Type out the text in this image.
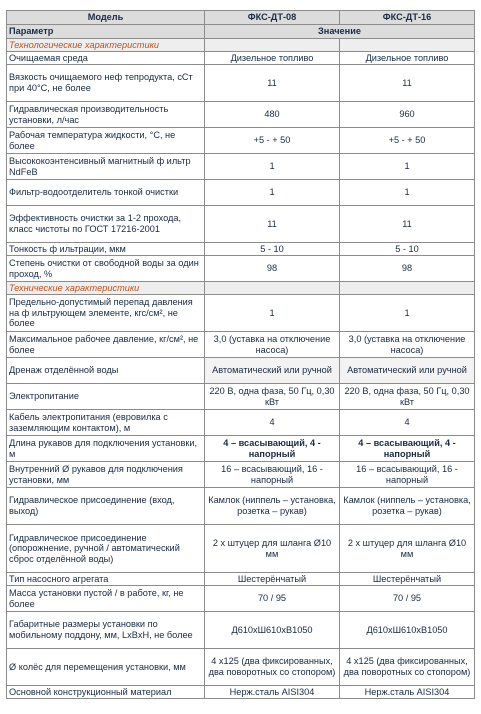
Модель	ФКС-ДТ-08	ФКС-ДТ-16
Параметр	Значение	
Технологические характеристики		
Очищаемая среда	Дизельное топливо	Дизельное топливо
Вязкость очищаемого неф тепродукта, сСт при 40°С, не более	11	11
Гидравлическая производительность установки, л/час	480	960
Рабочая температура жидкости, °С, не более	+5 - + 50	+5 - + 50
Высококоэнтенсивный магнитный ф ильтр NdFeB	1	1
Фильтр-водоотделитель тонкой очистки	1	1
Эффективность очистки за 1-2 прохода, класс чистоты по ГОСТ 17216-2001	11	11
Тонкость ф ильтрации, мкм	5 - 10	5 - 10
Степень очистки от свободной воды за один проход, %	98	98
Технические характеристики		
Предельно-допустимый перепад давления на ф ильтрующем элементе, кгс/см², не более	1	1
Максимальное рабочее давление, кг/см², не более	3,0 (уставка на отключение насоса)	3,0 (уставка на отключение насоса)
Дренаж отделённой воды	Автоматический или ручной	Автоматический или ручной
Электропитание	220 В, одна фаза, 50 Гц, 0,30 кВт	220 В, одна фаза, 50 Гц, 0,30 кВт
Кабель электропитания (евровилка с заземляющим контактом), м	4	4
Длина рукавов для подключения установки, м	4 – всасывающий, 4 - напорный	4 – всасывающий, 4 - напорный
Внутренний Ø рукавов для подключения установки, мм	16 – всасывающий, 16 - напорный	16 – всасывающий, 16 - напорный
Гидравлическое присоединение (вход, выход)	Камлок (ниппель – установка, розетка – рукав)	Камлок (ниппель – установка, розетка – рукав)
Гидравлическое присоединение (опорожнение, ручной / автоматический сброс отделённой воды)	2 х штуцер для шланга Ø10 мм	2 х штуцер для шланга Ø10 мм
Тип насосного агрегата	Шестерёнчатый	Шестерёнчатый
Масса установки пустой / в работе, кг, не более	70 / 95	70 / 95
Габаритные размеры установки по мобильному поддону, мм, LxBxH, не более	Д610хШ610хВ1050	Д610хШ610хВ1050
Ø колёс для перемещения установки, мм	4 х125 (два фиксированных, два поворотных со стопором)	4 х125 (два фиксированных, два поворотных со стопором)
Основной конструкционный материал	Нерж.сталь AISI304	Нерж.сталь AISI304
